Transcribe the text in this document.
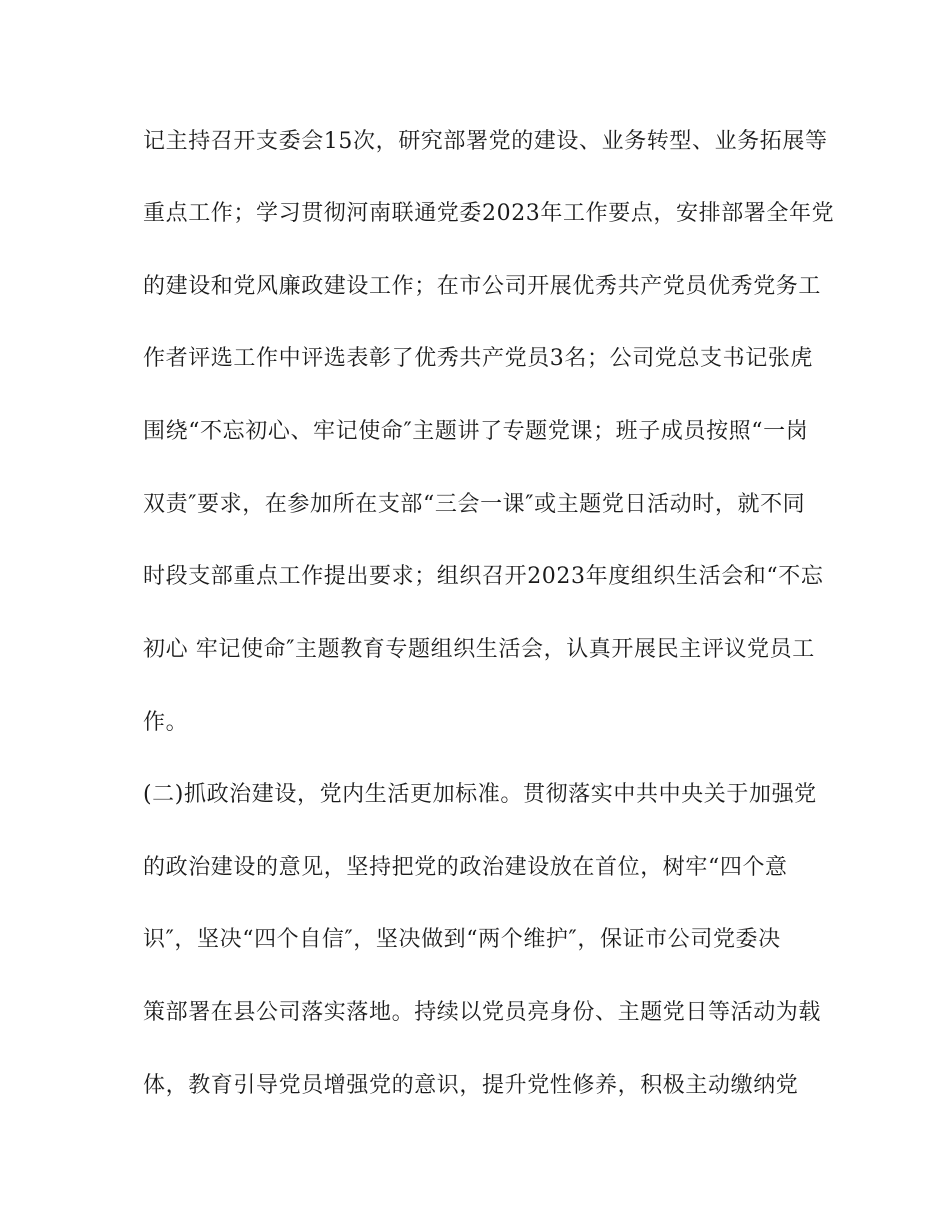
记主持召开支委会15次，研究部署党的建设、业务转型、业务拓展等
重点工作；学习贯彻河南联通党委2023年工作要点，安排部署全年党
的建设和党风廉政建设工作；在市公司开展优秀共产党员优秀党务工
作者评选工作中评选表彰了优秀共产党员3名；公司党总支书记张虎
围绕“不忘初心、牢记使命″主题讲了专题党课；班子成员按照“一岗
双责″要求，在参加所在支部“三会一课″或主题党日活动时，就不同
时段支部重点工作提出要求；组织召开2023年度组织生活会和“不忘
初心 牢记使命″主题教育专题组织生活会，认真开展民主评议党员工
作。
(二)抓政治建设，党内生活更加标准。贯彻落实中共中央关于加强党
的政治建设的意见，坚持把党的政治建设放在首位，树牢“四个意
识″，坚决“四个自信″，坚决做到“两个维护″，保证市公司党委决
策部署在县公司落实落地。持续以党员亮身份、主题党日等活动为载
体，教育引导党员增强党的意识，提升党性修养，积极主动缴纳党
